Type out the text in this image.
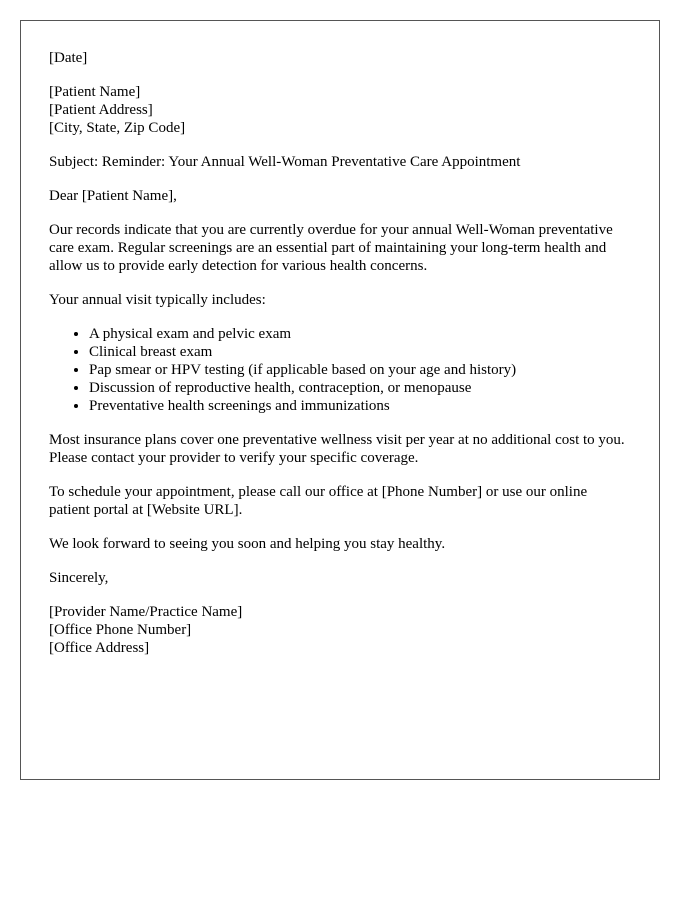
[Date]

[Patient Name]
[Patient Address]
[City, State, Zip Code]

Subject: Reminder: Your Annual Well-Woman Preventative Care Appointment

Dear [Patient Name],

Our records indicate that you are currently overdue for your annual Well-Woman preventative care exam. Regular screenings are an essential part of maintaining your long-term health and allow us to provide early detection for various health concerns.

Your annual visit typically includes:

• A physical exam and pelvic exam
• Clinical breast exam
• Pap smear or HPV testing (if applicable based on your age and history)
• Discussion of reproductive health, contraception, or menopause
• Preventative health screenings and immunizations

Most insurance plans cover one preventative wellness visit per year at no additional cost to you. Please contact your provider to verify your specific coverage.

To schedule your appointment, please call our office at [Phone Number] or use our online patient portal at [Website URL].

We look forward to seeing you soon and helping you stay healthy.

Sincerely,

[Provider Name/Practice Name]
[Office Phone Number]
[Office Address]
